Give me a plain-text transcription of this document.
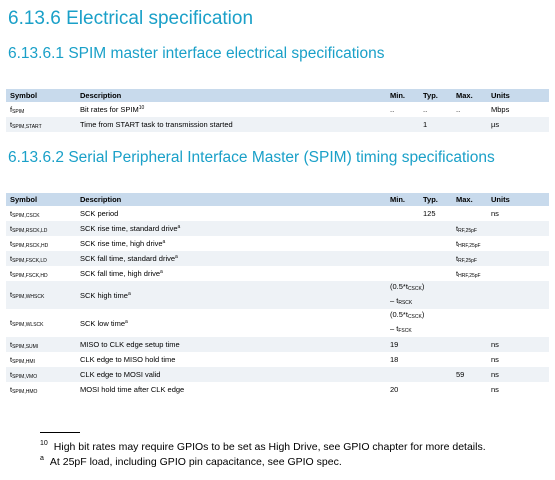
6.13.6 Electrical specification
6.13.6.1 SPIM master interface electrical specifications
Symbol	Description	Min.	Typ.	Max.	Units
$f_{SPIM}$	Bit rates for SPIM$^{10}$	..	..	..	Mbps
$t_{SPIM,START}$	Time from START task to transmission started		1		µs
6.13.6.2 Serial Peripheral Interface Master (SPIM) timing specifications
Symbol	Description	Min.	Typ.	Max.	Units
$t_{SPIM,CSCK}$	SCK period		125		ns
$t_{SPIM,RSCK,LD}$	SCK rise time, standard drive$^a$			$t_{RF,25pF}$	
$t_{SPIM,RSCK,HD}$	SCK rise time, high drive$^a$			$t_{HRF,25pF}$	
$t_{SPIM,FSCK,LD}$	SCK fall time, standard drive$^a$			$t_{RF,25pF}$	
$t_{SPIM,FSCK,HD}$	SCK fall time, high drive$^a$			$t_{HRF,25pF}$	
$t_{SPIM,WHSCK}$	SCK high time$^a$	$(0.5*t_{CSCK})$
– $t_{RSCK}$

$t_{SPIM,WLSCK}$	SCK low time$^a$	$(0.5*t_{CSCK})$
– $t_{FSCK}$

$t_{SPIM,SUMI}$	MISO to CLK edge setup time	19			ns
$t_{SPIM,HMI}$	CLK edge to MISO hold time	18			ns
$t_{SPIM,VMO}$	CLK edge to MOSI valid			59	ns
$t_{SPIM,HMO}$	MOSI hold time after CLK edge	20			ns
$^{10}$ High bit rates may require GPIOs to be set as High Drive, see GPIO chapter for more details.
$^a$ At 25pF load, including GPIO pin capacitance, see GPIO spec.
